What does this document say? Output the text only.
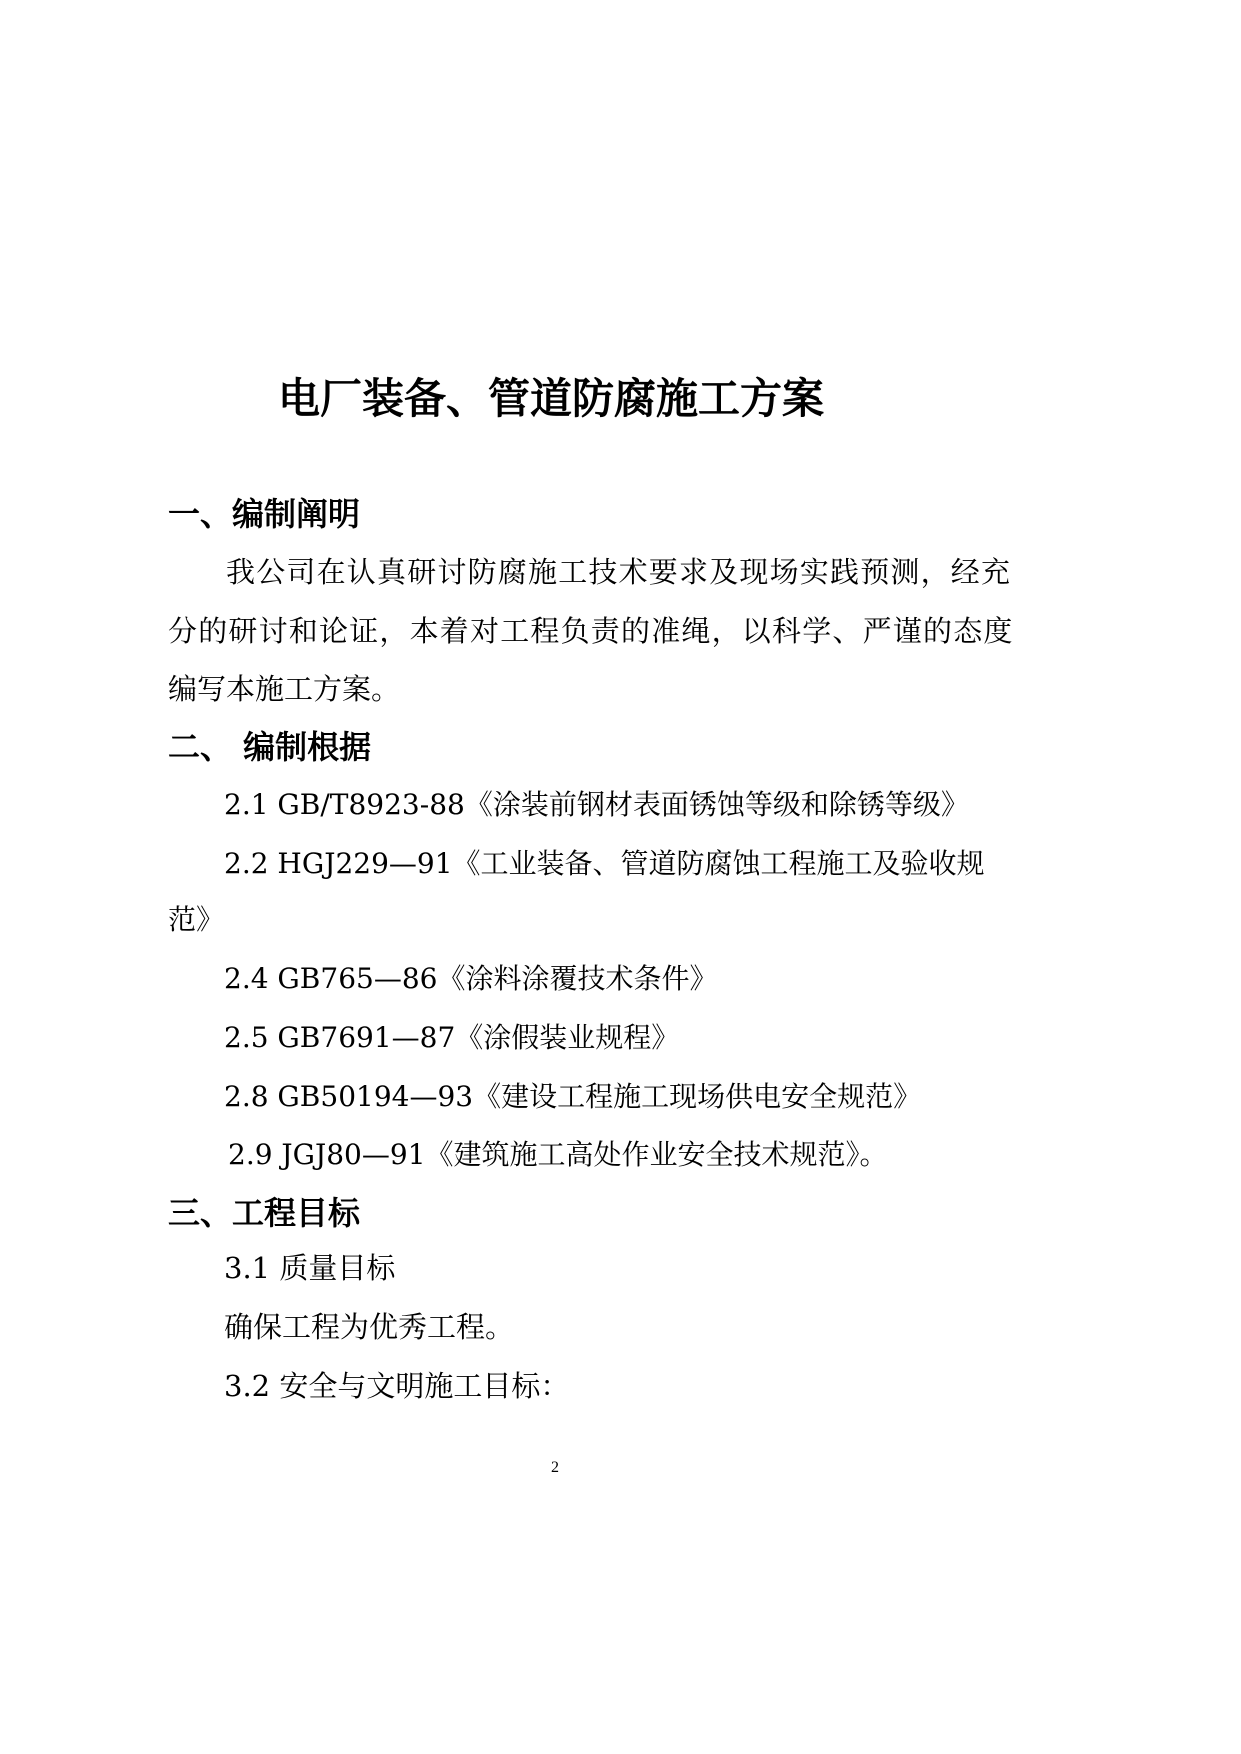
电厂装备、管道防腐施工方案
一、编制阐明
我公司在认真研讨防腐施工技术要求及现场实践预测，经充
分的研讨和论证，本着对工程负责的准绳，以科学、严谨的态度
编写本施工方案。
二、 编制根据
2.1 GB/T8923-88《涂装前钢材表面锈蚀等级和除锈等级》
2.2 HGJ229—91《工业装备、管道防腐蚀工程施工及验收规
范》
2.4 GB765—86《涂料涂覆技术条件》
2.5 GB7691—87《涂假装业规程》
2.8 GB50194—93《建设工程施工现场供电安全规范》
2.9 JGJ80—91《建筑施工高处作业安全技术规范》。
三、工程目标
3.1 质量目标
确保工程为优秀工程。
3.2 安全与文明施工目标：
2
